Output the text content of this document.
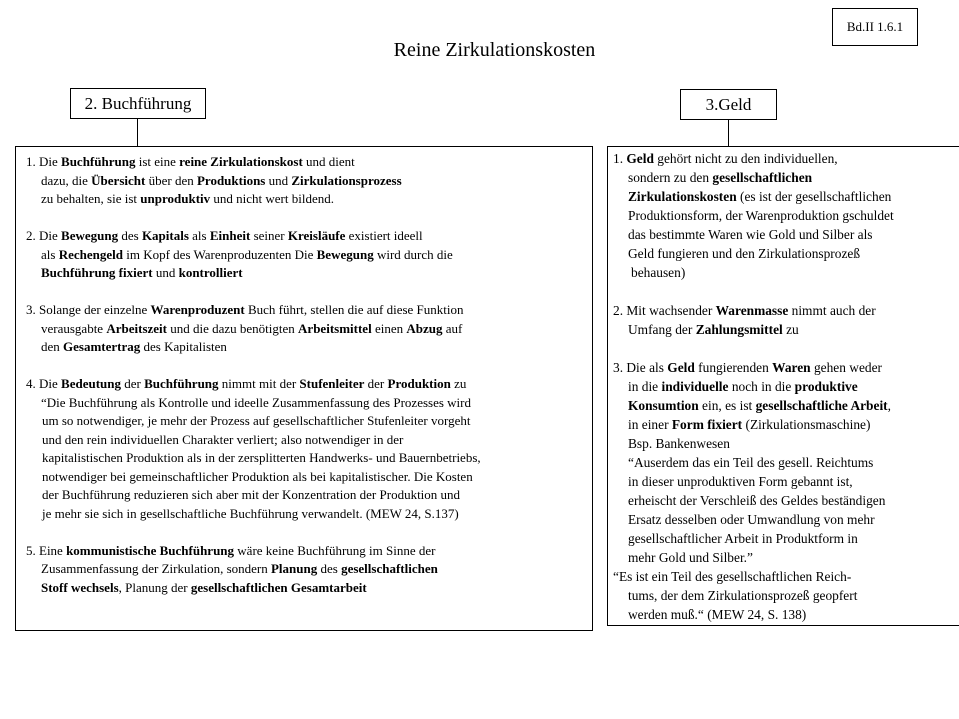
Bd.II 1.6.1
Reine Zirkulationskosten
2. Buchführung	3.Geld
1. Die Buchführung ist eine reine Zirkulationskost und dient
dazu, die Übersicht über den Produktions und Zirkulationsprozess
zu behalten, sie ist unproduktiv und nicht wert bildend.
2. Die Bewegung des Kapitals als Einheit seiner Kreisläufe existiert ideell
als Rechengeld im Kopf des Warenproduzenten Die Bewegung wird durch die
Buchführung fixiert und kontrolliert
3. Solange der einzelne Warenproduzent Buch führt, stellen die auf diese Funktion
verausgabte Arbeitszeit und die dazu benötigten Arbeitsmittel einen Abzug auf
den Gesamtertrag des Kapitalisten
4. Die Bedeutung der Buchführung nimmt mit der Stufenleiter der Produktion zu
“Die Buchführung als Kontrolle und ideelle Zusammenfassung des Prozesses wird
um so notwendiger, je mehr der Prozess auf gesellschaftlicher Stufenleiter vorgeht
und den rein individuellen Charakter verliert; also notwendiger in der
kapitalistischen Produktion als in der zersplitterten Handwerks- und Bauernbetriebs,
notwendiger bei gemeinschaftlicher Produktion als bei kapitalistischer. Die Kosten
der Buchführung reduzieren sich aber mit der Konzentration der Produktion und
je mehr sie sich in gesellschaftliche Buchführung verwandelt. (MEW 24, S.137)
5. Eine kommunistische Buchführung wäre keine Buchführung im Sinne der
Zusammenfassung der Zirkulation, sondern Planung des gesellschaftlichen
Stoff wechsels, Planung der gesellschaftlichen Gesamtarbeit
1. Geld gehört nicht zu den individuellen,
sondern zu den gesellschaftlichen
Zirkulationskosten (es ist der gesellschaftlichen
Produktionsform, der Warenproduktion gschuldet
das bestimmte Waren wie Gold und Silber als
Geld fungieren und den Zirkulationsprozeß
behausen)
2. Mit wachsender Warenmasse nimmt auch der
Umfang der Zahlungsmittel zu
3. Die als Geld fungierenden Waren gehen weder
in die individuelle noch in die produktive
Konsumtion ein, es ist gesellschaftliche Arbeit,
in einer Form fixiert (Zirkulationsmaschine)
Bsp. Bankenwesen
“Auserdem das ein Teil des gesell. Reichtums
in dieser unproduktiven Form gebannt ist,
erheischt der Verschleiß des Geldes beständigen
Ersatz desselben oder Umwandlung von mehr
gesellschaftlicher Arbeit in Produktform in
mehr Gold und Silber.”
“Es ist ein Teil des gesellschaftlichen Reich-
tums, der dem Zirkulationsprozeß geopfert
werden muß.“ (MEW 24, S. 138)
